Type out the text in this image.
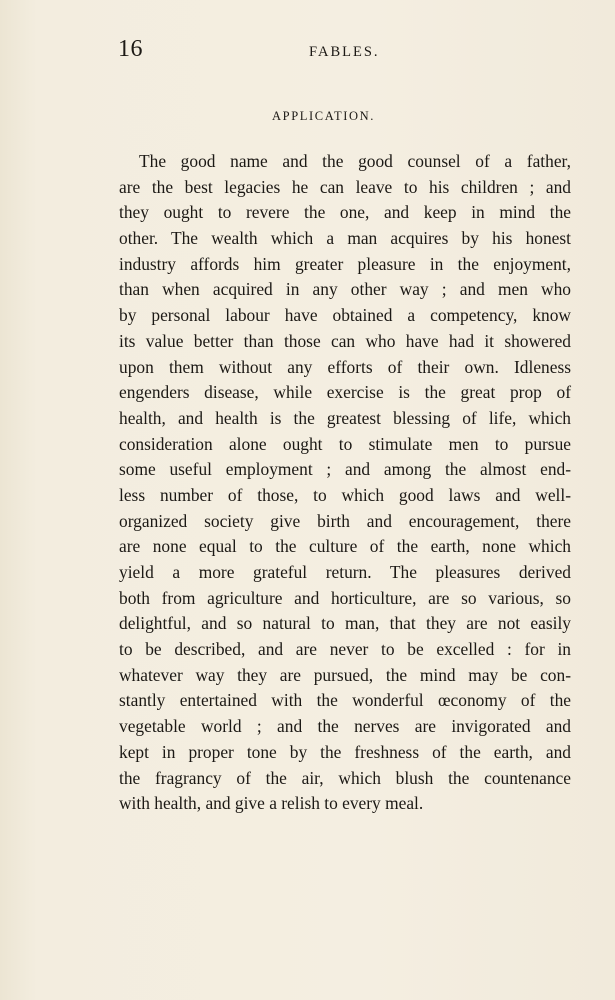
16	FABLES.
APPLICATION.
The good name and the good counsel of a father,
are the best legacies he can leave to his children ; and
they ought to revere the one, and keep in mind the
other. The wealth which a man acquires by his honest
industry affords him greater pleasure in the enjoyment,
than when acquired in any other way ; and men who
by personal labour have obtained a competency, know
its value better than those can who have had it showered
upon them without any efforts of their own. Idleness
engenders disease, while exercise is the great prop of
health, and health is the greatest blessing of life, which
consideration alone ought to stimulate men to pursue
some useful employment ; and among the almost end-
less number of those, to which good laws and well-
organized society give birth and encouragement, there
are none equal to the culture of the earth, none which
yield a more grateful return. The pleasures derived
both from agriculture and horticulture, are so various, so
delightful, and so natural to man, that they are not easily
to be described, and are never to be excelled : for in
whatever way they are pursued, the mind may be con-
stantly entertained with the wonderful œconomy of the
vegetable world ; and the nerves are invigorated and
kept in proper tone by the freshness of the earth, and
the fragrancy of the air, which blush the countenance
with health, and give a relish to every meal.
